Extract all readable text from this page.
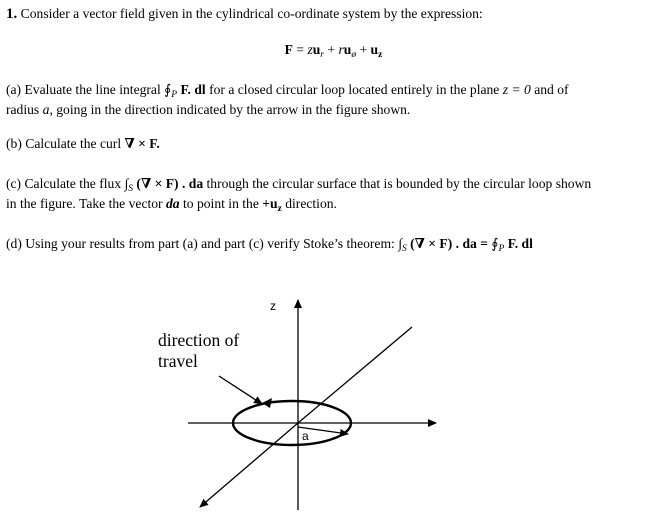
1. Consider a vector field given in the cylindrical co-ordinate system by the expression:
$F = zu_r + ru_ø + u_z$
(a) Evaluate the line integral $∮_P$ F. dl for a closed circular loop located entirely in the plane z = 0 and of
radius a, going in the direction indicated by the arrow in the figure shown.
(b) Calculate the curl ∇ × F.
(c) Calculate the flux $\int_S$ (∇ × F) . da through the circular surface that is bounded by the circular loop shown
in the figure. Take the vector da to point in the $+u_z$ direction.
(d) Using your results from part (a) and part (c) verify Stoke’s theorem: $\int_S$ (∇ × F) . da = $∮_P$ F. dl
direction of
travel
z
a
